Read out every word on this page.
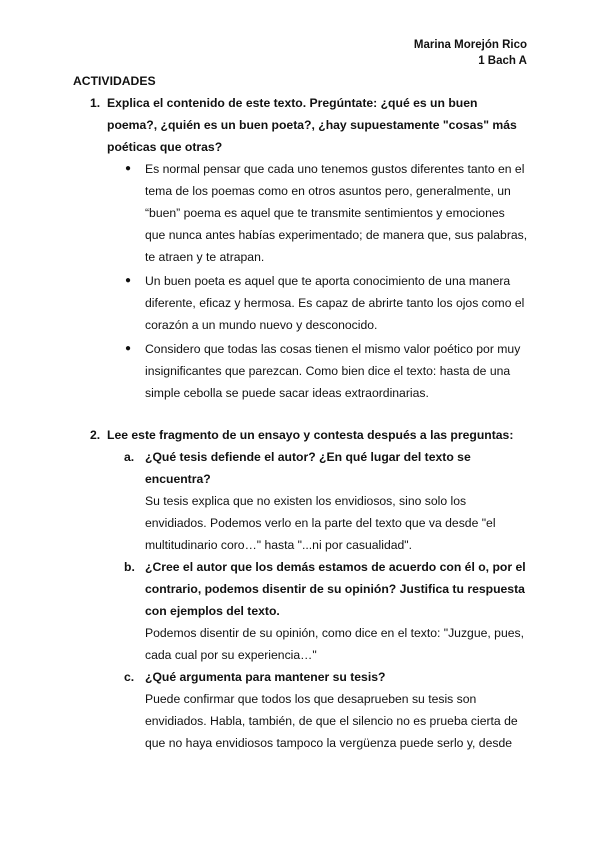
Marina Morejón Rico
1 Bach A

ACTIVIDADES

1. Explica el contenido de este texto. Pregúntate: ¿qué es un buen poema?, ¿quién es un buen poeta?, ¿hay supuestamente "cosas" más poéticas que otras?
● Es normal pensar que cada uno tenemos gustos diferentes tanto en el tema de los poemas como en otros asuntos pero, generalmente, un “buen” poema es aquel que te transmite sentimientos y emociones que nunca antes habías experimentado; de manera que, sus palabras, te atraen y te atrapan.
● Un buen poeta es aquel que te aporta conocimiento de una manera diferente, eficaz y hermosa. Es capaz de abrirte tanto los ojos como el corazón a un mundo nuevo y desconocido.
● Considero que todas las cosas tienen el mismo valor poético por muy insignificantes que parezcan. Como bien dice el texto: hasta de una simple cebolla se puede sacar ideas extraordinarias.
2. Lee este fragmento de un ensayo y contesta después a las preguntas:
a. ¿Qué tesis defiende el autor? ¿En qué lugar del texto se encuentra?
Su tesis explica que no existen los envidiosos, sino solo los envidiados. Podemos verlo en la parte del texto que va desde "el multitudinario coro…" hasta "...ni por casualidad".
b. ¿Cree el autor que los demás estamos de acuerdo con él o, por el contrario, podemos disentir de su opinión? Justifica tu respuesta con ejemplos del texto.
Podemos disentir de su opinión, como dice en el texto: "Juzgue, pues, cada cual por su experiencia…"
c. ¿Qué argumenta para mantener su tesis?
Puede confirmar que todos los que desaprueben su tesis son envidiados. Habla, también, de que el silencio no es prueba cierta de que no haya envidiosos tampoco la vergüenza puede serlo y, desde
